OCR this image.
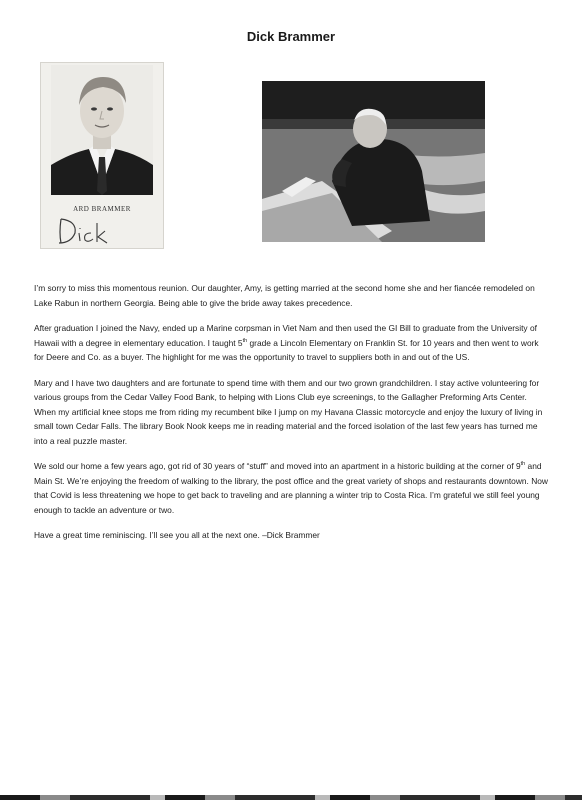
Dick Brammer
ARD BRAMMER

I’m sorry to miss this momentous reunion. Our daughter, Amy, is getting married at the second home she and her fiancée remodeled on Lake Rabun in northern Georgia. Being able to give the bride away takes precedence.

After graduation I joined the Navy, ended up a Marine corpsman in Viet Nam and then used the GI Bill to graduate from the University of Hawaii with a degree in elementary education. I taught 5th grade a Lincoln Elementary on Franklin St. for 10 years and then went to work for Deere and Co. as a buyer. The highlight for me was the opportunity to travel to suppliers both in and out of the US.

Mary and I have two daughters and are fortunate to spend time with them and our two grown grandchildren. I stay active volunteering for various groups from the Cedar Valley Food Bank, to helping with Lions Club eye screenings, to the Gallagher Preforming Arts Center. When my artificial knee stops me from riding my recumbent bike I jump on my Havana Classic motorcycle and enjoy the luxury of living in small town Cedar Falls. The library Book Nook keeps me in reading material and the forced isolation of the last few years has turned me into a real puzzle master.

We sold our home a few years ago, got rid of 30 years of “stuff” and moved into an apartment in a historic building at the corner of 9th and Main St. We’re enjoying the freedom of walking to the library, the post office and the great variety of shops and restaurants downtown. Now that Covid is less threatening we hope to get back to traveling and are planning a winter trip to Costa Rica. I’m grateful we still feel young enough to tackle an adventure or two.

Have a great time reminiscing. I’ll see you all at the next one. –Dick Brammer
